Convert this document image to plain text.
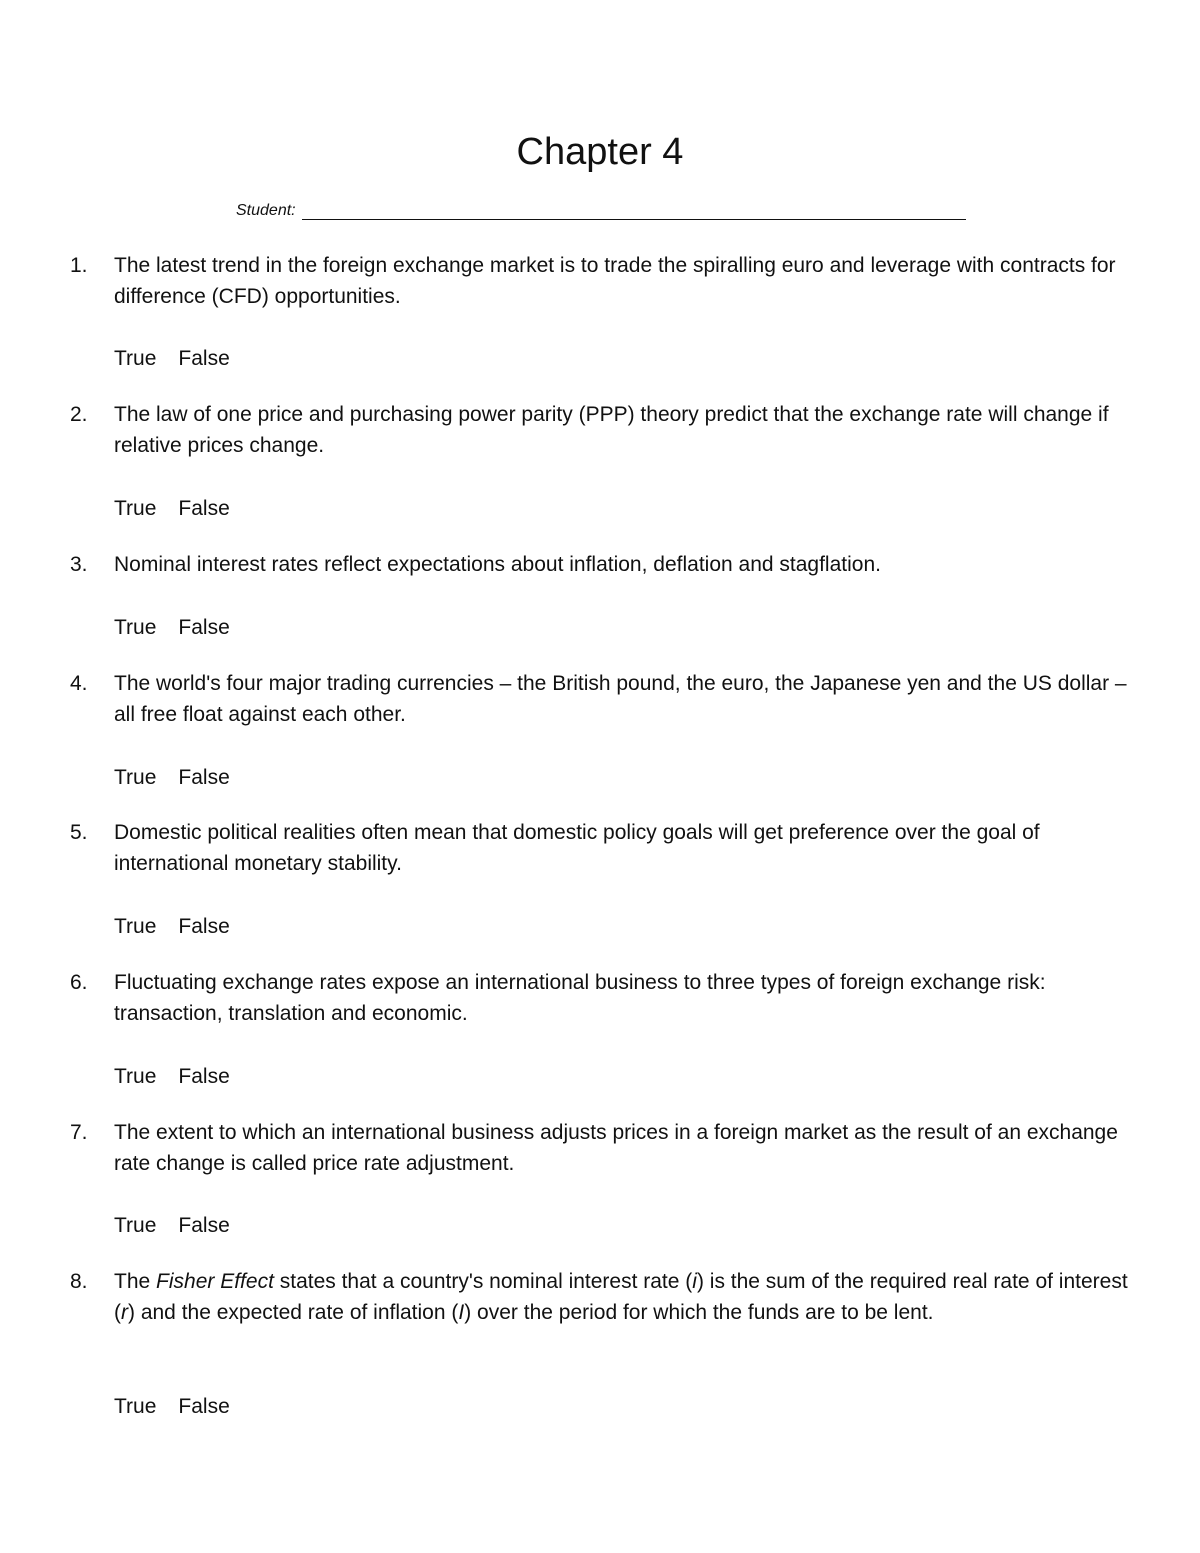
Chapter 4
Student:
1.	The latest trend in the foreign exchange market is to trade the spiralling euro and leverage with contracts for difference (CFD) opportunities.
True False
2.	The law of one price and purchasing power parity (PPP) theory predict that the exchange rate will change if relative prices change.
True False
3.	Nominal interest rates reflect expectations about inflation, deflation and stagflation.
True False
4.	The world's four major trading currencies – the British pound, the euro, the Japanese yen and the US dollar – all free float against each other.
True False
5.	Domestic political realities often mean that domestic policy goals will get preference over the goal of international monetary stability.
True False
6.	Fluctuating exchange rates expose an international business to three types of foreign exchange risk: transaction, translation and economic.
True False
7.	The extent to which an international business adjusts prices in a foreign market as the result of an exchange rate change is called price rate adjustment.
True False
8.	The Fisher Effect states that a country's nominal interest rate (i) is the sum of the required real rate of interest (r) and the expected rate of inflation (I) over the period for which the funds are to be lent.
True False
